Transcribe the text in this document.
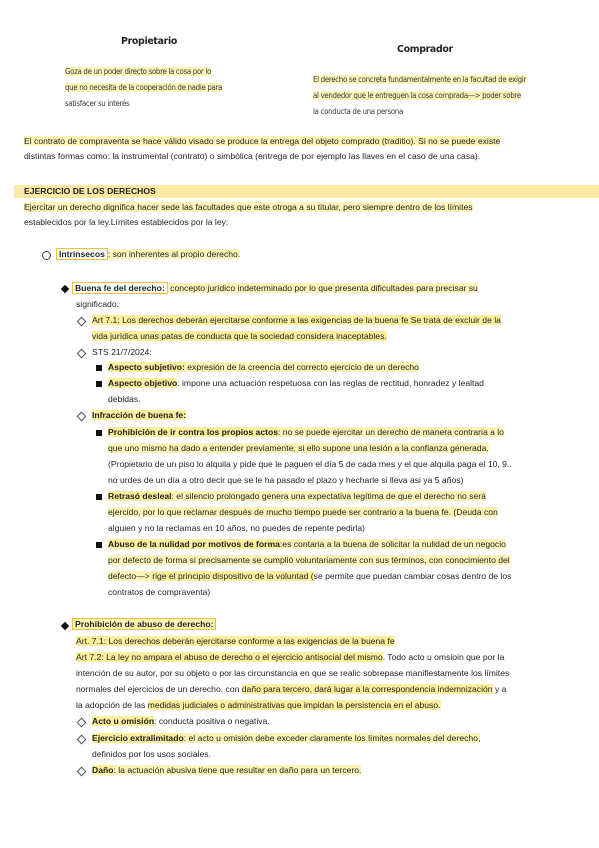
Propietario
Goza de un poder directo sobre la cosa por lo
que no necesita de la cooperación de nadie para
satisfacer su interés
Comprador
El derecho se concreta fundamentalmente en la facultad de exigir
al vendedor que le entreguen la cosa comprada—> poder sobre
la conducta de una persona
El contrato de compraventa se hace válido visado se produce la entrega del objeto comprado (traditio). Si no se puede existe
distintas formas como: la instrumental (contrato) o simbólica (entrega de por ejemplo las llaves en el caso de una casa).
EJERCICIO DE LOS DERECHOS
Ejercitar un derecho dignifica hacer sede las facultades que este otroga a su titular, pero siempre dentro de los límites
establecidos por la ley.Límites establecidos por la ley:
Intrínsecos : son inherentes al propio derecho.
Buena fe del derecho: concepto jurídico indeterminado por lo que presenta dificultades para precisar su
significado.
Art 7.1: Los derechos deberán ejercitarse conforme a las exigencias de la buena fe Se trata de excluir de la
vida jurídica unas patas de conducta que la sociedad considera inaceptables.
STS 21/7/2024:
Aspecto subjetivo: expresión de la creencia del correcto ejercicio de un derecho
Aspecto objetivo: impone una actuación respetuosa con las reglas de rectitud, honradez y lealtad
debidas.
Infracción de buena fe:
Prohibición de ir contra los propios actos: no se puede ejercitar un derecho de manera contraria a lo
que uno mismo ha dado a entender previamente, si ello supone una lesión a la confianza generada.
(Propietario de un piso lo alquila y pide que le paguen el día 5 de cada mes y el que alquila paga el 10, 9..
no urdes de un día a otro decir que se le ha pasado el plazo y hecharle si lleva asi ya 5 años)
Retrasó desleal: el silencio prolongado genera una expectativa legítima de que el derecho no será
ejercido, por lo que reclamar después de mucho tiempo puede ser contrario a la buena fe. (Deuda con
alguien y no la reclamas en 10 años, no puedes de repente pedirla)
Abuso de la nulidad por motivos de forma:es contaria a la buena de solicitar la nulidad de un negocio
por defecto de forma si precisamente se cumplió voluntariamente con sus términos, con conocimiento del
defecto—> rige el principio dispositivo de la voluntad (se permite que puedan cambiar cosas dentro de los
contratos de compraventa)
Prohibición de abuso de derecho:
Art. 7.1: Los derechos deberán ejercitarse conforme a las exigencias de la buena fe
Art 7.2: La ley no ampara el abuso de derecho o el ejercicio antisocial del mismo. Todo acto u omsioin que por la
intención de su autor, por su objeto o por las circunstancia en que se realic sobrepase manifiestamente los límites
normales del ejercicios de un derecho, con daño para tercero, dará lugar a la correspondencia indemnización y a
la adopción de las medidas judiciales o administrativas que impidan la persistencia en el abuso.
Acto u omisión: conducta positiva o negativa.
Ejercicio extralimitado: el acto u omisión debe exceder claramente los límites normales del derecho,
definidos por los usos sociales.
Daño: la actuación abusiva tiene que resultar en daño para un tercero.
